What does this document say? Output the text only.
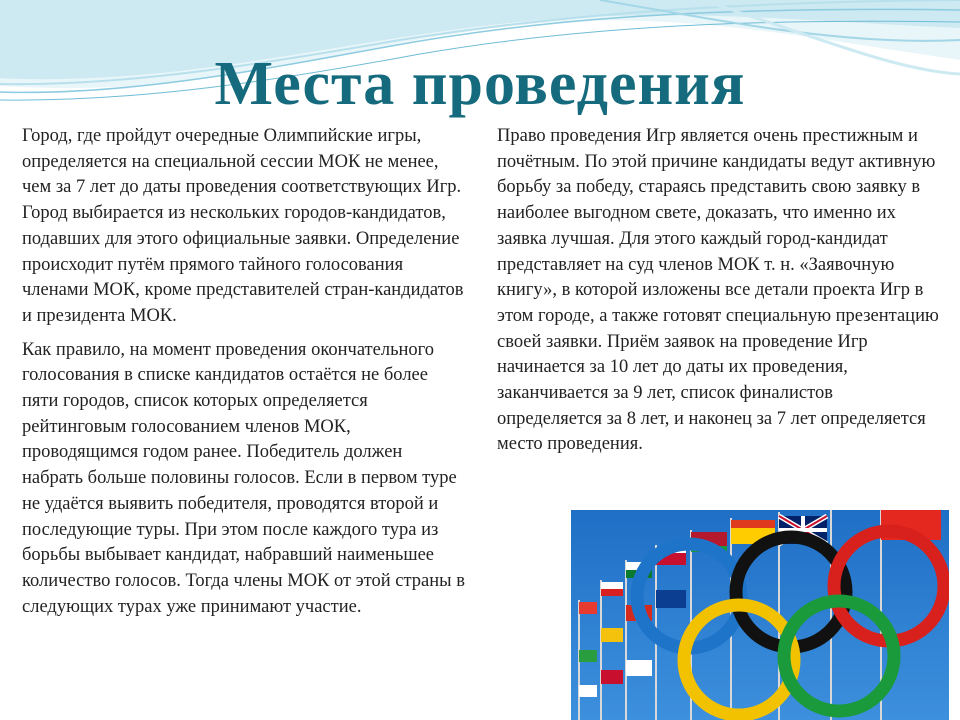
Места проведения

Город, где пройдут очередные Олимпийские игры, определяется на специальной сессии МОК не менее, чем за 7 лет до даты проведения соответствующих Игр. Город выбирается из нескольких городов-кандидатов, подавших для этого официальные заявки. Определение происходит путём прямого тайного голосования членами МОК, кроме представителей стран-кандидатов и президента МОК.

Как правило, на момент проведения окончательного голосования в списке кандидатов остаётся не более пяти городов, список которых определяется рейтинговым голосованием членов МОК, проводящимся годом ранее. Победитель должен набрать больше половины голосов. Если в первом туре не удаётся выявить победителя, проводятся второй и последующие туры. При этом после каждого тура из борьбы выбывает кандидат, набравший наименьшее количество голосов. Тогда члены МОК от этой страны в следующих турах уже принимают участие.

Право проведения Игр является очень престижным и почётным. По этой причине кандидаты ведут активную борьбу за победу, стараясь представить свою заявку в наиболее выгодном свете, доказать, что именно их заявка лучшая. Для этого каждый город-кандидат представляет на суд членов МОК т. н. «Заявочную книгу», в которой изложены все детали проекта Игр в этом городе, а также готовят специальную презентацию своей заявки. Приём заявок на проведение Игр начинается за 10 лет до даты их проведения, заканчивается за 9 лет, список финалистов определяется за 8 лет, и наконец за 7 лет определяется место проведения.
